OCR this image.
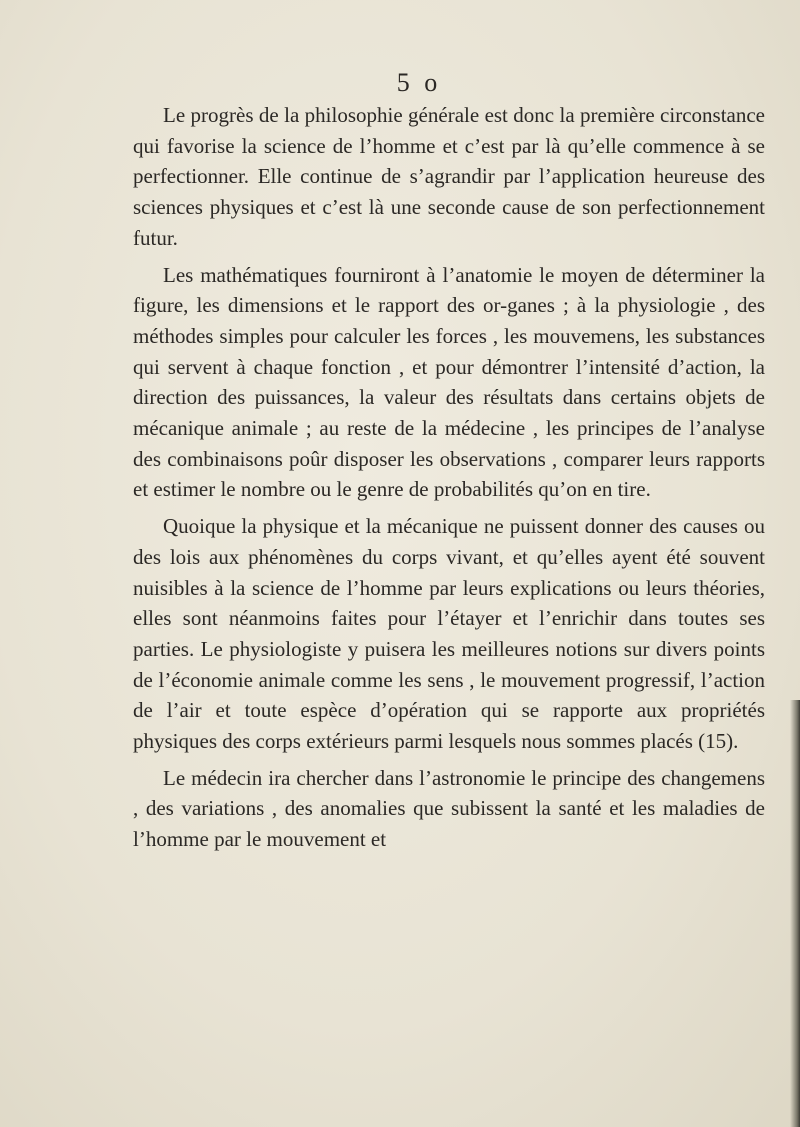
5 o

Le progrès de la philosophie générale est donc la première circonstance qui favorise la science de l’homme et c’est par là qu’elle commence à se perfectionner. Elle continue de s’agrandir par l’application heureuse des sciences physiques et c’est là une seconde cause de son perfectionnement futur.

Les mathématiques fourniront à l’anatomie le moyen de déterminer la figure, les dimensions et le rapport des or-ganes ; à la physiologie , des méthodes simples pour calculer les forces , les mouvemens, les substances qui servent à chaque fonction , et pour démontrer l’intensité d’action, la direction des puissances, la valeur des résultats dans certains objets de mécanique animale ; au reste de la médecine , les principes de l’analyse des combinaisons poûr disposer les observations , comparer leurs rapports et estimer le nombre ou le genre de probabilités qu’on en tire.

Quoique la physique et la mécanique ne puissent donner des causes ou des lois aux phénomènes du corps vivant, et qu’elles ayent été souvent nuisibles à la science de l’homme par leurs explications ou leurs théories, elles sont néanmoins faites pour l’étayer et l’enrichir dans toutes ses parties. Le physiologiste y puisera les meilleures notions sur divers points de l’économie animale comme les sens , le mouvement progressif, l’action de l’air et toute espèce d’opération qui se rapporte aux propriétés physiques des corps extérieurs parmi lesquels nous sommes placés (15).

Le médecin ira chercher dans l’astronomie le principe des changemens , des variations , des anomalies que subissent la santé et les maladies de l’homme par le mouvement et
